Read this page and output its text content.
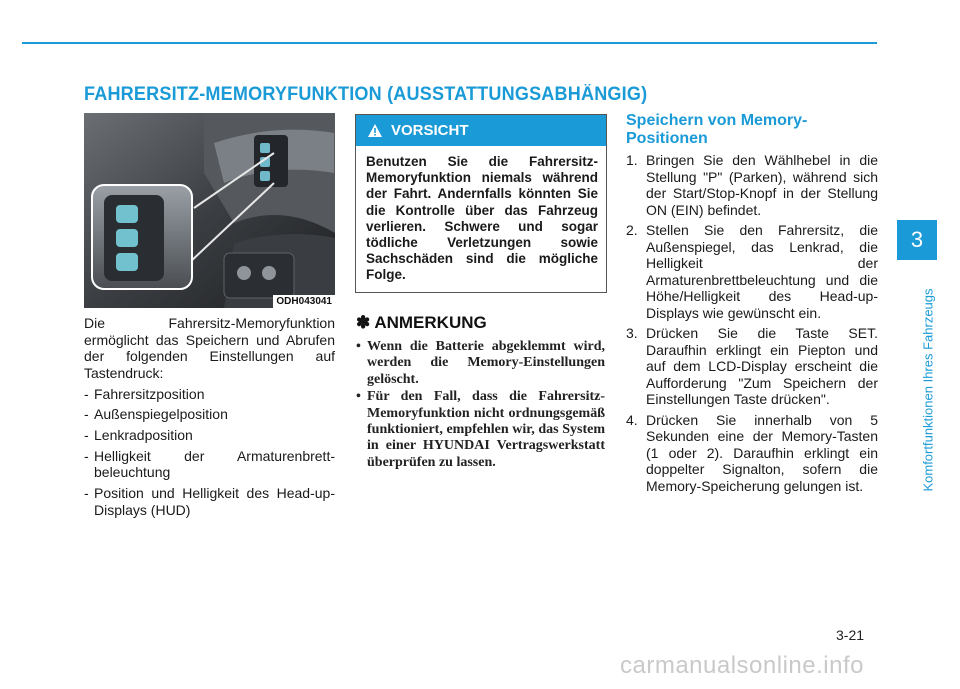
FAHRERSITZ-MEMORYFUNKTION (AUSSTATTUNGSABHÄNGIG)
3
Komfortfunktionen Ihres Fahrzeugs
ODH043041

Die Fahrersitz-Memoryfunktion ermöglicht das Speichern und Abrufen der folgenden Einstellungen auf Tastendruck:

- Fahrersitzposition
- Außenspiegelposition
- Lenkradposition
- Helligkeit der Armaturenbrett-beleuchtung
- Position und Helligkeit des Head-up-Displays (HUD)
VORSICHT
Benutzen Sie die Fahrersitz-Memoryfunktion niemals während der Fahrt. Andernfalls könnten Sie die Kontrolle über das Fahrzeug verlieren. Schwere und sogar tödliche Verletzungen sowie Sachschäden sind die mögliche Folge.
✽ ANMERKUNG
• Wenn die Batterie abgeklemmt wird, werden die Memory-Einstellungen gelöscht.
• Für den Fall, dass die Fahrersitz-Memoryfunktion nicht ordnungsgemäß funktioniert, empfehlen wir, das System in einer HYUNDAI Vertragswerkstatt überprüfen zu lassen.
Speichern von Memory-Positionen
1. Bringen Sie den Wählhebel in die Stellung "P" (Parken), während sich der Start/Stop-Knopf in der Stellung ON (EIN) befindet.
2. Stellen Sie den Fahrersitz, die Außenspiegel, das Lenkrad, die Helligkeit der Armaturenbrettbeleuchtung und die Höhe/Helligkeit des Head-up-Displays wie gewünscht ein.
3. Drücken Sie die Taste SET. Daraufhin erklingt ein Piepton und auf dem LCD-Display erscheint die Aufforderung "Zum Speichern der Einstellungen Taste drücken".
4. Drücken Sie innerhalb von 5 Sekunden eine der Memory-Tasten (1 oder 2). Daraufhin erklingt ein doppelter Signalton, sofern die Memory-Speicherung gelungen ist.
3-21
carmanualsonline.info
